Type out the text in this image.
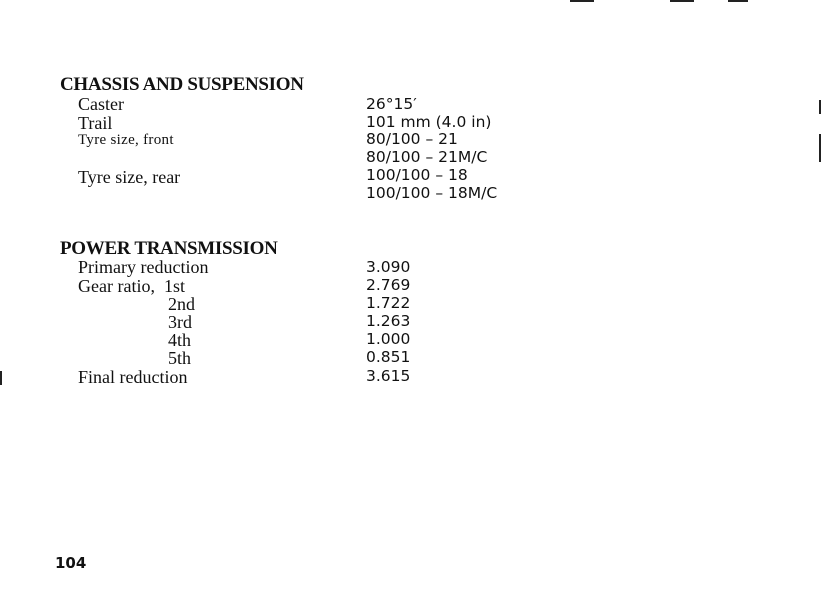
CHASSIS AND SUSPENSION
Caster	26°15′
Trail	101 mm (4.0 in)
Tyre size, front	80/100 – 21
80/100 – 21M/C
Tyre size, rear	100/100 – 18
100/100 – 18M/C
POWER TRANSMISSION
Primary reduction	3.090
Gear ratio,  1st	2.769
2nd	1.722
3rd	1.263
4th	1.000
5th	0.851
Final reduction	3.615
104
